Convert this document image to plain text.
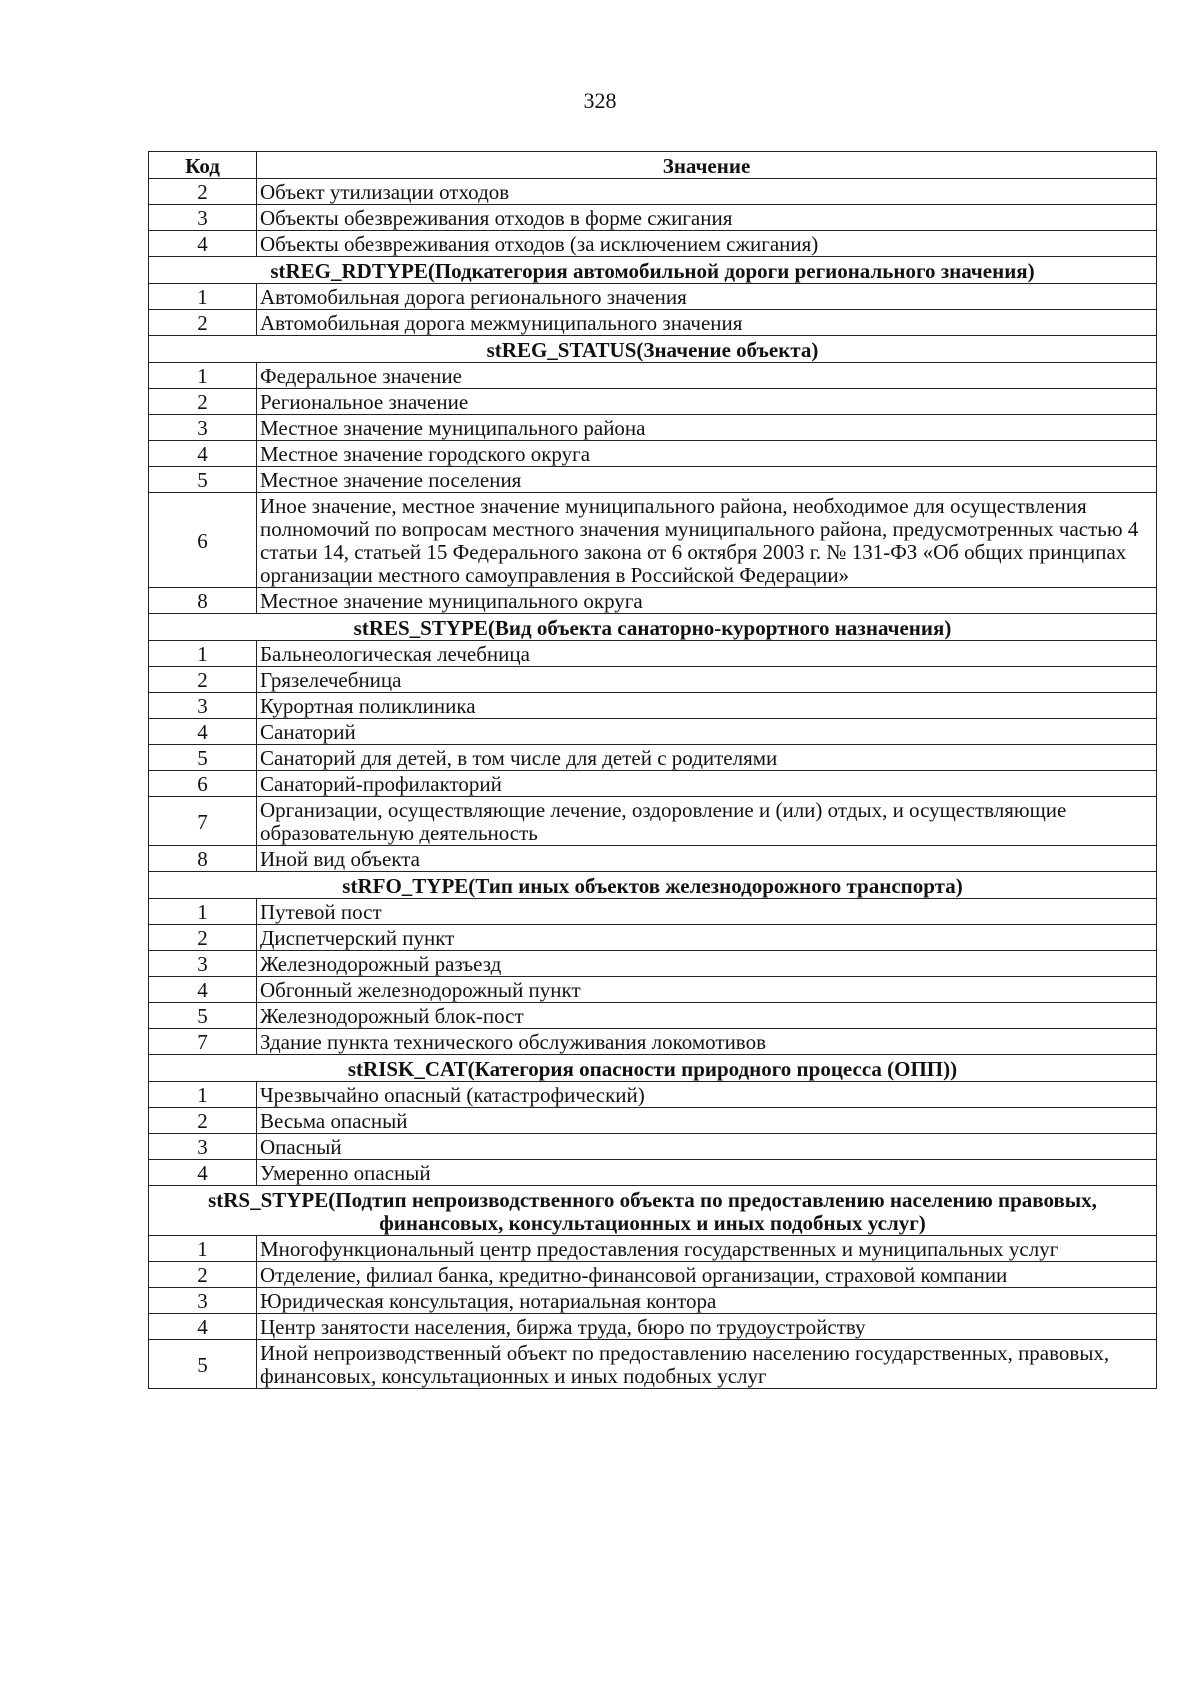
328
Код	Значение
2	Объект утилизации отходов
3	Объекты обезвреживания отходов в форме сжигания
4	Объекты обезвреживания отходов (за исключением сжигания)
stREG_RDTYPE(Подкатегория автомобильной дороги регионального значения)	
1	Автомобильная дорога регионального значения
2	Автомобильная дорога межмуниципального значения
stREG_STATUS(Значение объекта)	
1	Федеральное значение
2	Региональное значение
3	Местное значение муниципального района
4	Местное значение городского округа
5	Местное значение поселения
6	Иное значение, местное значение муниципального района, необходимое для осуществления полномочий по вопросам местного значения муниципального района, предусмотренных частью 4 статьи 14, статьей 15 Федерального закона от 6 октября 2003 г. № 131-ФЗ «Об общих принципах организации местного самоуправления в Российской Федерации»
8	Местное значение муниципального округа
stRES_STYPE(Вид объекта санаторно-курортного назначения)	
1	Бальнеологическая лечебница
2	Грязелечебница
3	Курортная поликлиника
4	Санаторий
5	Санаторий для детей, в том числе для детей с родителями
6	Санаторий-профилакторий
7	Организации, осуществляющие лечение, оздоровление и (или) отдых, и осуществляющие образовательную деятельность
8	Иной вид объекта
stRFO_TYPE(Тип иных объектов железнодорожного транспорта)	
1	Путевой пост
2	Диспетчерский пункт
3	Железнодорожный разъезд
4	Обгонный железнодорожный пункт
5	Железнодорожный блок-пост
7	Здание пункта технического обслуживания локомотивов
stRISK_CAT(Категория опасности природного процесса (ОПП))	
1	Чрезвычайно опасный (катастрофический)
2	Весьма опасный
3	Опасный
4	Умеренно опасный
stRS_STYPE(Подтип непроизводственного объекта по предоставлению населению правовых, финансовых, консультационных и иных подобных услуг)	
1	Многофункциональный центр предоставления государственных и муниципальных услуг
2	Отделение, филиал банка, кредитно-финансовой организации, страховой компании
3	Юридическая консультация, нотариальная контора
4	Центр занятости населения, биржа труда, бюро по трудоустройству
5	Иной непроизводственный объект по предоставлению населению государственных, правовых, финансовых, консультационных и иных подобных услуг
